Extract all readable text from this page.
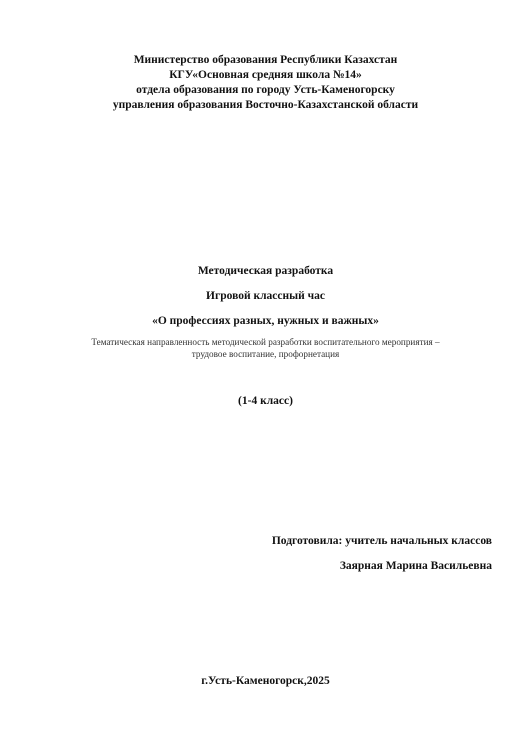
Министерство образования Республики Казахстан
КГУ«Основная средняя школа №14»
отдела образования по городу Усть-Каменогорску
управления образования Восточно-Казахстанской области
Методическая разработка
Игровой классный час
«О профессиях разных, нужных и важных»
Тематическая направленность методической разработки воспитательного мероприятия –
трудовое воспитание, профорнетация
(1-4 класс)
Подготовила: учитель начальных классов
Заярная Марина Васильевна
г.Усть-Каменогорск,2025
